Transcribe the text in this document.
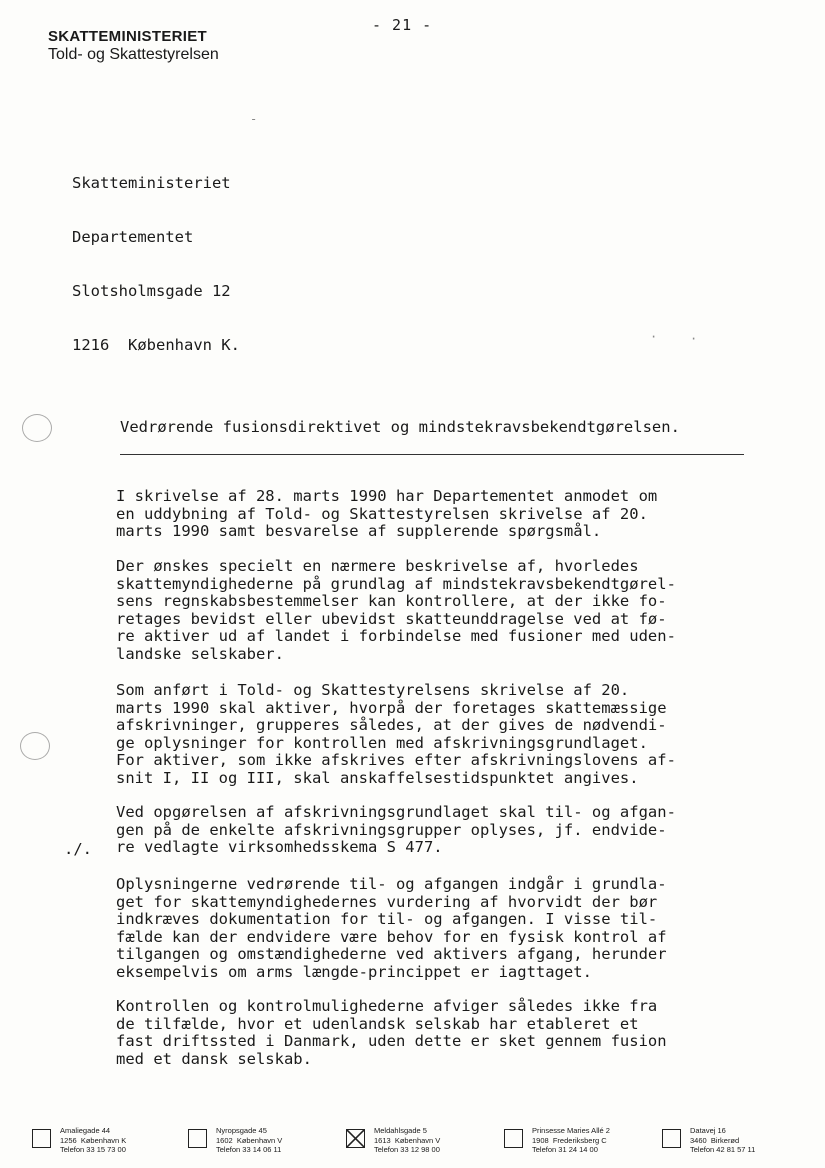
- 21 -
SKATTEMINISTERIET
Told- og Skattestyrelsen

Skatteministeriet

Departementet

Slotsholmsgade 12

1216  København K.	·	·
-
Vedrørende fusionsdirektivet og mindstekravsbekendtgørelsen.
I skrivelse af 28. marts 1990 har Departementet anmodet om
en uddybning af Told- og Skattestyrelsen skrivelse af 20.
marts 1990 samt besvarelse af supplerende spørgsmål.
Der ønskes specielt en nærmere beskrivelse af, hvorledes
skattemyndighederne på grundlag af mindstekravsbekendtgørel-
sens regnskabsbestemmelser kan kontrollere, at der ikke fo-
retages bevidst eller ubevidst skatteunddragelse ved at fø-
re aktiver ud af landet i forbindelse med fusioner med uden-
landske selskaber.
Som anført i Told- og Skattestyrelsens skrivelse af 20.
marts 1990 skal aktiver, hvorpå der foretages skattemæssige
afskrivninger, grupperes således, at der gives de nødvendi-
ge oplysninger for kontrollen med afskrivningsgrundlaget.
For aktiver, som ikke afskrives efter afskrivningslovens af-
snit I, II og III, skal anskaffelsestidspunktet angives.
Ved opgørelsen af afskrivningsgrundlaget skal til- og afgan-
gen på de enkelte afskrivningsgrupper oplyses, jf. endvide-
re vedlagte virksomhedsskema S 477.
Oplysningerne vedrørende til- og afgangen indgår i grundla-
get for skattemyndighedernes vurdering af hvorvidt der bør
indkræves dokumentation for til- og afgangen. I visse til-
fælde kan der endvidere være behov for en fysisk kontrol af
tilgangen og omstændighederne ved aktivers afgang, herunder
eksempelvis om arms længde-princippet er iagttaget.
Kontrollen og kontrolmulighederne afviger således ikke fra
de tilfælde, hvor et udenlandsk selskab har etableret et
fast driftssted i Danmark, uden dette er sket gennem fusion
med et dansk selskab.
./.
Amaliegade 44
1256  København K
Telefon 33 15 73 00
Nyropsgade 45
1602  København V
Telefon 33 14 06 11
Meldahlsgade 5
1613  København V
Telefon 33 12 98 00
Prinsesse Maries Allé 2
1908  Frederiksberg C
Telefon 31 24 14 00
Datavej 16
3460  Birkerød
Telefon 42 81 57 11
